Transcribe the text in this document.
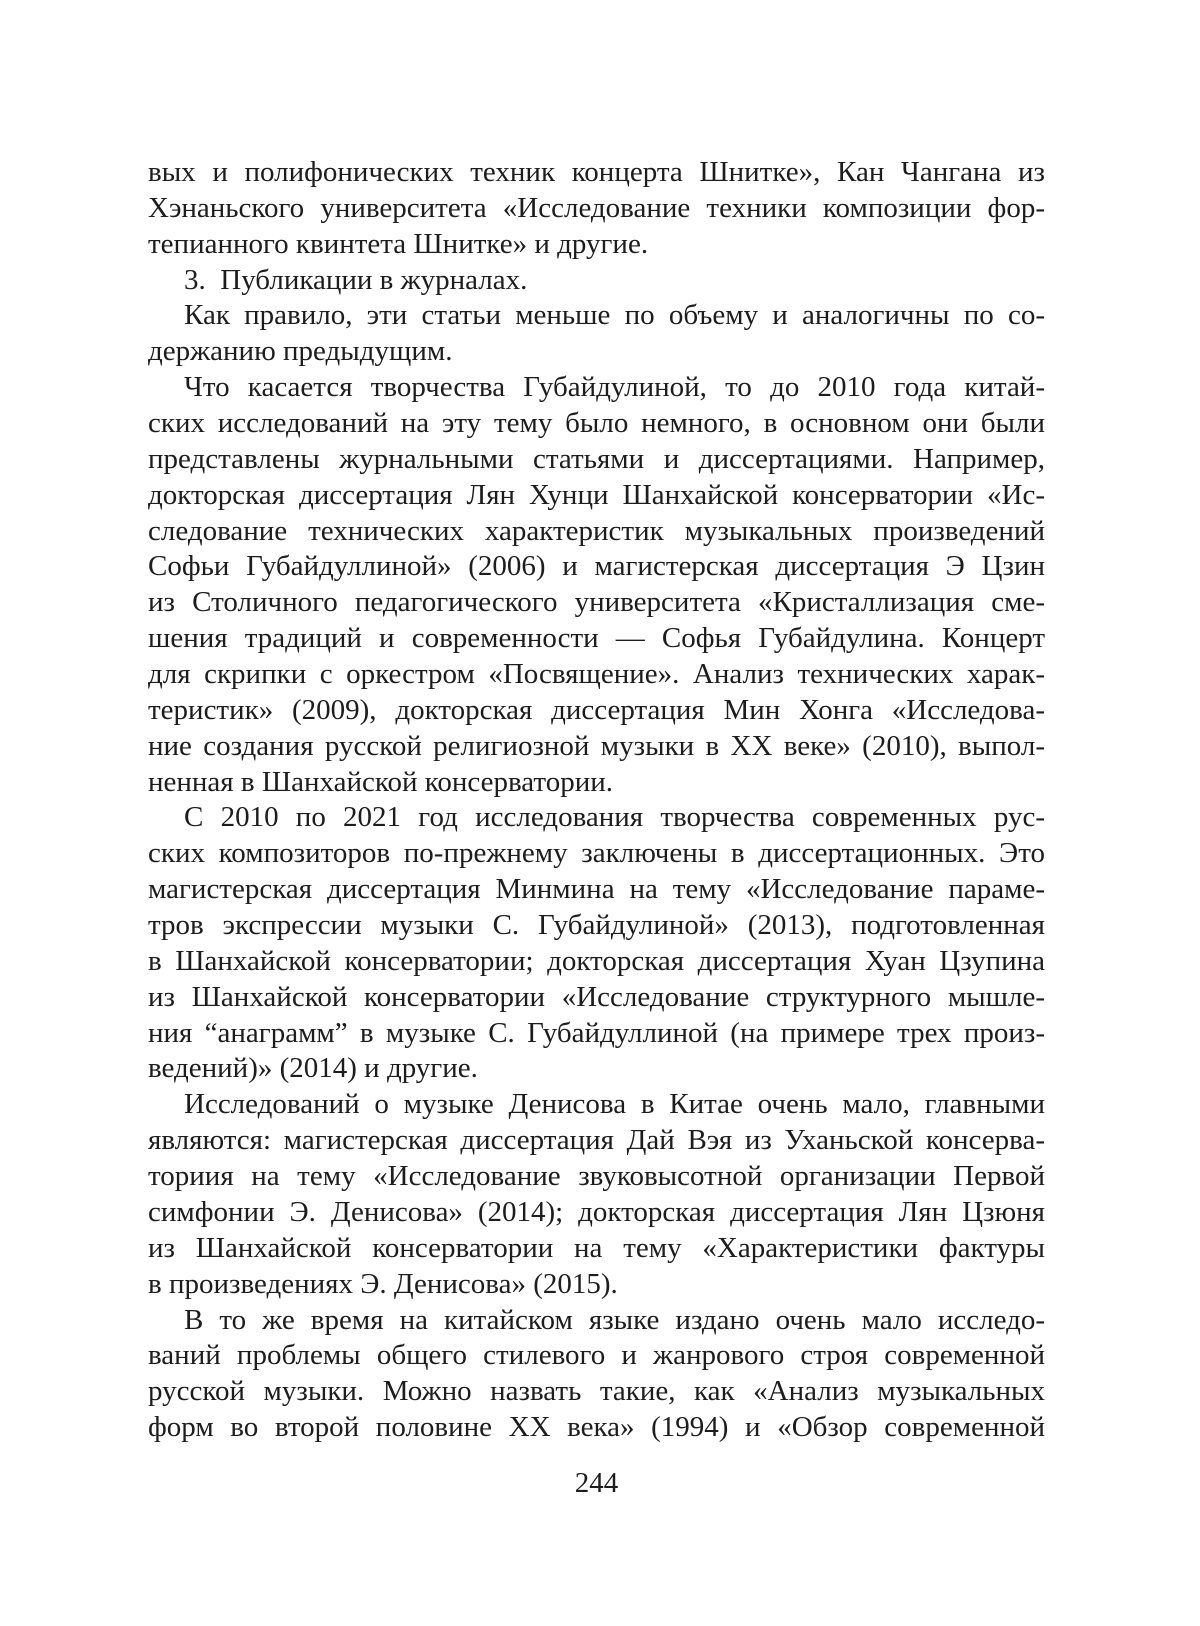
вых и полифонических техник концерта Шнитке», Кан Чангана из
Хэнаньского университета «Исследование техники композиции фор-
тепианного квинтета Шнитке» и другие.
3. Публикации в журналах.
Как правило, эти статьи меньше по объему и аналогичны по со-
держанию предыдущим.
Что касается творчества Губайдулиной, то до 2010 года китай-
ских исследований на эту тему было немного, в основном они были
представлены журнальными статьями и диссертациями. Например,
докторская диссертация Лян Хунци Шанхайской консерватории «Ис-
следование технических характеристик музыкальных произведений
Софьи Губайдуллиной» (2006) и магистерская диссертация Э Цзин
из Столичного педагогического университета «Кристаллизация сме-
шения традиций и современности — Софья Губайдулина. Концерт
для скрипки с оркестром «Посвящение». Анализ технических харак-
теристик» (2009), докторская диссертация Мин Хонга «Исследова-
ние создания русской религиозной музыки в XX веке» (2010), выпол-
ненная в Шанхайской консерватории.
С 2010 по 2021 год исследования творчества современных рус-
ских композиторов по-прежнему заключены в диссертационных. Это
магистерская диссертация Минмина на тему «Исследование параме-
тров экспрессии музыки С. Губайдулиной» (2013), подготовленная
в Шанхайской консерватории; докторская диссертация Хуан Цзупина
из Шанхайской консерватории «Исследование структурного мышле-
ния “анаграмм” в музыке С. Губайдуллиной (на примере трех произ-
ведений)» (2014) и другие.
Исследований о музыке Денисова в Китае очень мало, главными
являются: магистерская диссертация Дай Вэя из Уханьской консерва-
ториия на тему «Исследование звуковысотной организации Первой
симфонии Э. Денисова» (2014); докторская диссертация Лян Цзюня
из Шанхайской консерватории на тему «Характеристики фактуры
в произведениях Э. Денисова» (2015).
В то же время на китайском языке издано очень мало исследо-
ваний проблемы общего стилевого и жанрового строя современной
русской музыки. Можно назвать такие, как «Анализ музыкальных
форм во второй половине XX века» (1994) и «Обзор современной
244
